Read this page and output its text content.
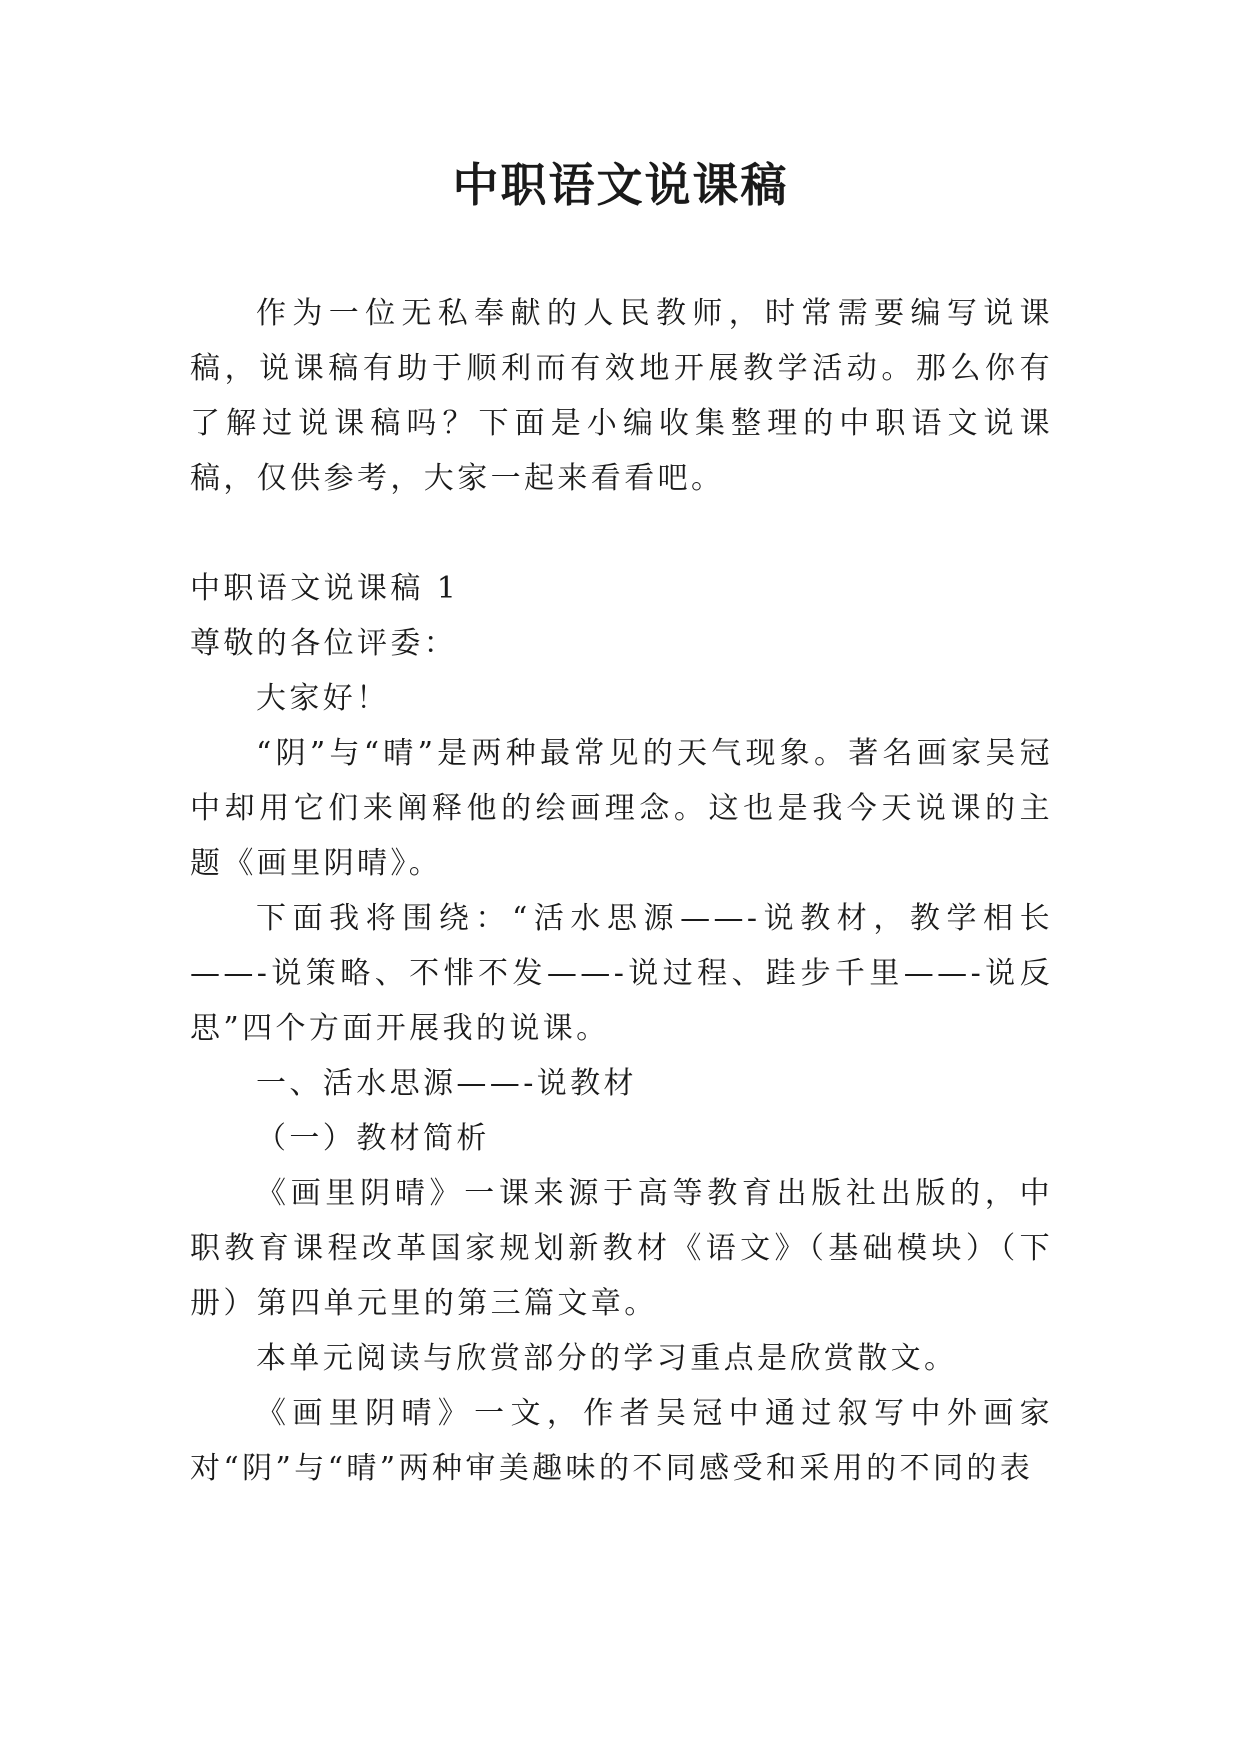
中职语文说课稿

作为一位无私奉献的人民教师，时常需要编写说课稿，说课稿有助于顺利而有效地开展教学活动。那么你有了解过说课稿吗？下面是小编收集整理的中职语文说课稿，仅供参考，大家一起来看看吧。

中职语文说课稿 1

尊敬的各位评委：

大家好！

“阴”与“晴”是两种最常见的天气现象。著名画家吴冠中却用它们来阐释他的绘画理念。这也是我今天说课的主题《画里阴晴》。

下面我将围绕：“活水思源——-说教材，教学相长——-说策略、不悱不发——-说过程、跬步千里——-说反思”四个方面开展我的说课。

一、活水思源——-说教材

（一）教材简析

《画里阴晴》一课来源于高等教育出版社出版的，中职教育课程改革国家规划新教材《语文》（基础模块）（下册）第四单元里的第三篇文章。

本单元阅读与欣赏部分的学习重点是欣赏散文。

《画里阴晴》一文，作者吴冠中通过叙写中外画家对“阴”与“晴”两种审美趣味的不同感受和采用的不同的表
